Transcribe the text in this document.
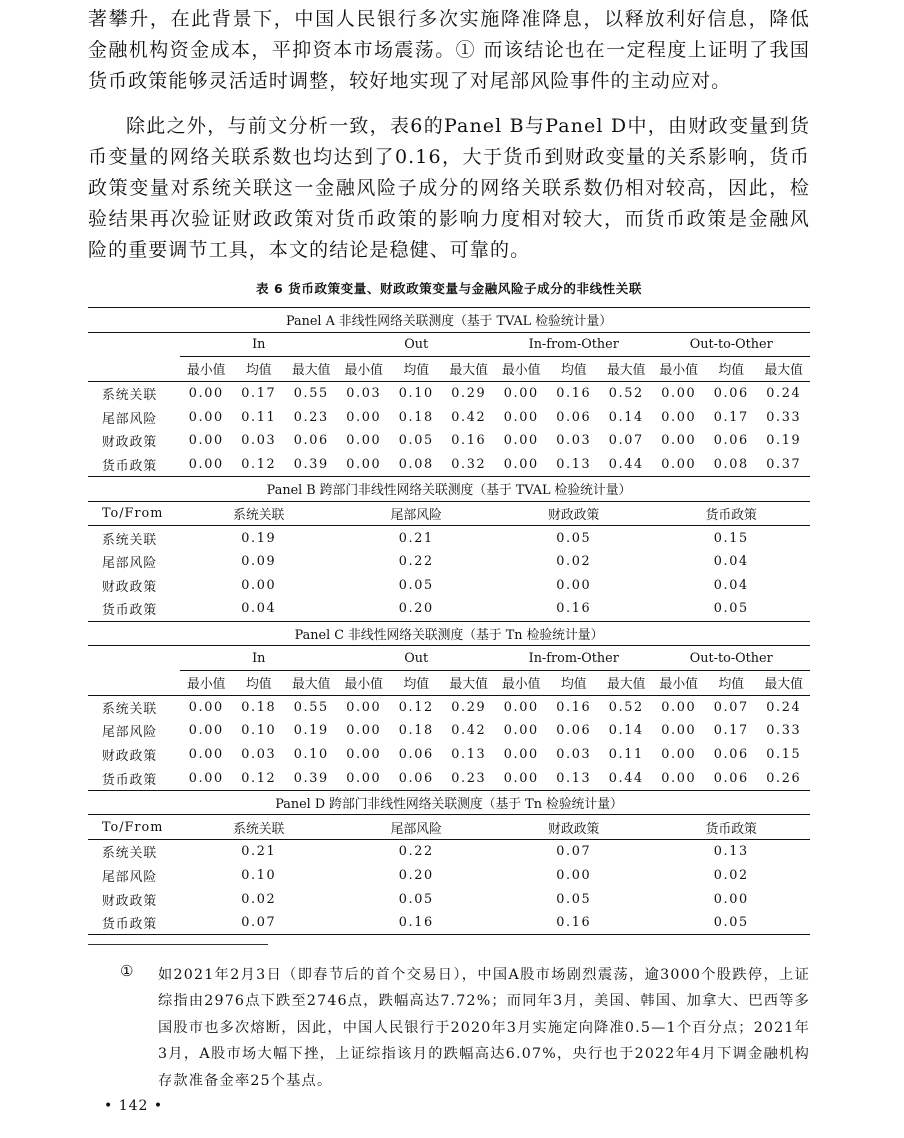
著攀升，在此背景下，中国人民银行多次实施降准降息，以释放利好信息，降低金融机构资金成本，平抑资本市场震荡。① 而该结论也在一定程度上证明了我国货币政策能够灵活适时调整，较好地实现了对尾部风险事件的主动应对。

除此之外，与前文分析一致，表6的Panel B与Panel D中，由财政变量到货币变量的网络关联系数也均达到了0.16，大于货币到财政变量的关系影响，货币政策变量对系统关联这一金融风险子成分的网络关联系数仍相对较高，因此，检验结果再次验证财政政策对货币政策的影响力度相对较大，而货币政策是金融风险的重要调节工具，本文的结论是稳健、可靠的。

表 6 货币政策变量、财政政策变量与金融风险子成分的非线性关联
Panel A 非线性网络关联测度（基于 TVAL 检验统计量）												
	In			Out			In-from-Other			Out-to-Other		
	最小值	均值	最大值	最小值	均值	最大值	最小值	均值	最大值	最小值	均值	最大值
系统关联	0.00	0.17	0.55	0.03	0.10	0.29	0.00	0.16	0.52	0.00	0.06	0.24
尾部风险	0.00	0.11	0.23	0.00	0.18	0.42	0.00	0.06	0.14	0.00	0.17	0.33
财政政策	0.00	0.03	0.06	0.00	0.05	0.16	0.00	0.03	0.07	0.00	0.06	0.19
货币政策	0.00	0.12	0.39	0.00	0.08	0.32	0.00	0.13	0.44	0.00	0.08	0.37
Panel B 跨部门非线性网络关联测度（基于 TVAL 检验统计量）												
To/From	系统关联			尾部风险			财政政策			货币政策		
系统关联	0.19			0.21			0.05			0.15		
尾部风险	0.09			0.22			0.02			0.04		
财政政策	0.00			0.05			0.00			0.04		
货币政策	0.04			0.20			0.16			0.05		
Panel C 非线性网络关联测度（基于 Tn 检验统计量）												
	In			Out			In-from-Other			Out-to-Other		
	最小值	均值	最大值	最小值	均值	最大值	最小值	均值	最大值	最小值	均值	最大值
系统关联	0.00	0.18	0.55	0.00	0.12	0.29	0.00	0.16	0.52	0.00	0.07	0.24
尾部风险	0.00	0.10	0.19	0.00	0.18	0.42	0.00	0.06	0.14	0.00	0.17	0.33
财政政策	0.00	0.03	0.10	0.00	0.06	0.13	0.00	0.03	0.11	0.00	0.06	0.15
货币政策	0.00	0.12	0.39	0.00	0.06	0.23	0.00	0.13	0.44	0.00	0.06	0.26
Panel D 跨部门非线性网络关联测度（基于 Tn 检验统计量）												
To/From	系统关联			尾部风险			财政政策			货币政策		
系统关联	0.21			0.22			0.07			0.13		
尾部风险	0.10			0.20			0.00			0.02		
财政政策	0.02			0.05			0.05			0.00		
货币政策	0.07			0.16			0.16			0.05		
① 如2021年2月3日（即春节后的首个交易日），中国A股市场剧烈震荡，逾3000个股跌停，上证综指由2976点下跌至2746点，跌幅高达7.72%；而同年3月，美国、韩国、加拿大、巴西等多国股市也多次熔断，因此，中国人民银行于2020年3月实施定向降准0.5—1个百分点；2021年3月，A股市场大幅下挫，上证综指该月的跌幅高达6.07%，央行也于2022年4月下调金融机构存款准备金率25个基点。

• 142 •
